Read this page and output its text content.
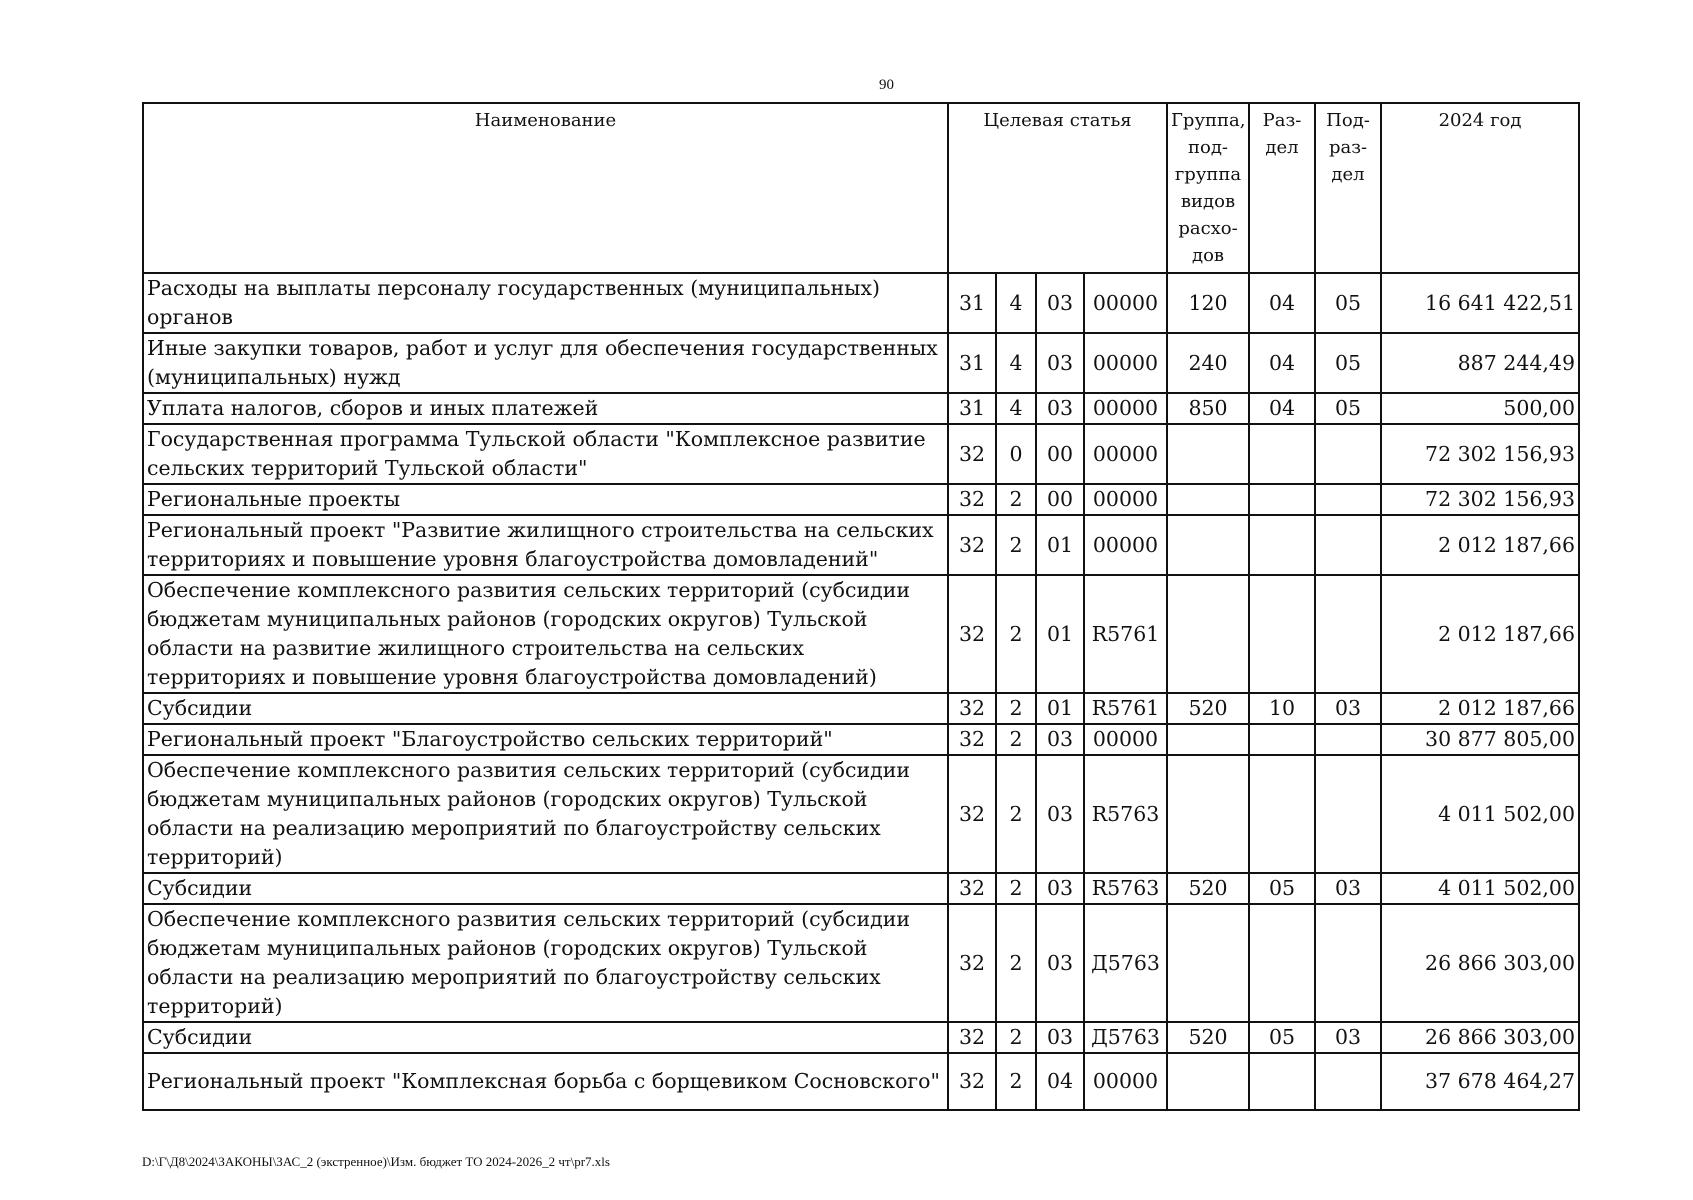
90
Наименование	Целевая статья				Группа, под-группа видов расхо-дов	Раз-дел	Под-раз-дел	2024 год
Расходы на выплаты персоналу государственных (муниципальных) органов	31	4	03	00000	120	04	05	16 641 422,51
Иные закупки товаров, работ и услуг для обеспечения государственных (муниципальных) нужд	31	4	03	00000	240	04	05	887 244,49
Уплата налогов, сборов и иных платежей	31	4	03	00000	850	04	05	500,00
Государственная программа Тульской области "Комплексное развитие сельских территорий Тульской области"	32	0	00	00000				72 302 156,93
Региональные проекты	32	2	00	00000				72 302 156,93
Региональный проект "Развитие жилищного строительства на сельских территориях и повышение уровня благоустройства домовладений"	32	2	01	00000				2 012 187,66
Обеспечение комплексного развития сельских территорий (субсидии бюджетам муниципальных районов (городских округов) Тульской области на развитие жилищного строительства на сельских территориях и повышение уровня благоустройства домовладений)	32	2	01	R5761				2 012 187,66
Субсидии	32	2	01	R5761	520	10	03	2 012 187,66
Региональный проект "Благоустройство сельских территорий"	32	2	03	00000				30 877 805,00
Обеспечение комплексного развития сельских территорий (субсидии бюджетам муниципальных районов (городских округов) Тульской области на реализацию мероприятий по благоустройству сельских территорий)	32	2	03	R5763				4 011 502,00
Субсидии	32	2	03	R5763	520	05	03	4 011 502,00
Обеспечение комплексного развития сельских территорий (субсидии бюджетам муниципальных районов (городских округов) Тульской области на реализацию мероприятий по благоустройству сельских территорий)	32	2	03	Д5763				26 866 303,00
Субсидии	32	2	03	Д5763	520	05	03	26 866 303,00
Региональный проект "Комплексная борьба с борщевиком Сосновского"	32	2	04	00000				37 678 464,27
D:\Г\Д8\2024\ЗАКОНЫ\ЗАС_2 (экстренное)\Изм. бюджет ТО 2024-2026_2 чт\pr7.xls
